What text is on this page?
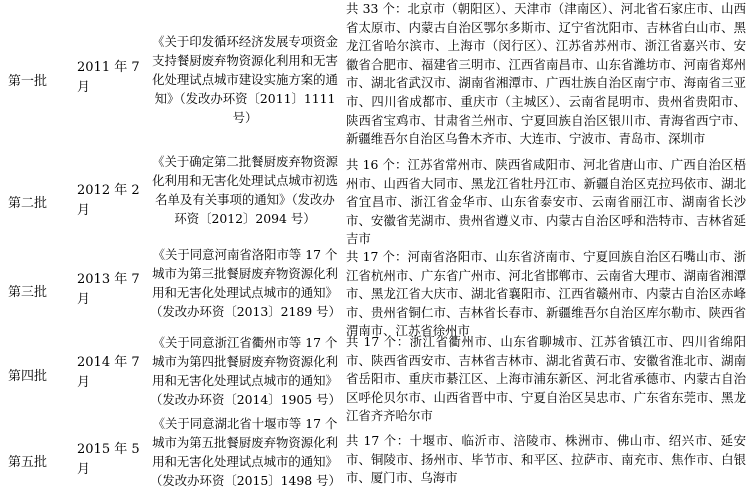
第一批
2011 年 7 月
《关于印发循环经济发展专项资金支持餐厨废弃物资源化利用和无害化处理试点城市建设实施方案的通知》（发改办环资〔2011〕1111 号）
共 33 个：北京市（朝阳区）、天津市（津南区）、河北省石家庄市、山西省太原市、内蒙古自治区鄂尔多斯市、辽宁省沈阳市、吉林省白山市、黑龙江省哈尔滨市、上海市（闵行区）、江苏省苏州市、浙江省嘉兴市、安徽省合肥市、福建省三明市、江西省南昌市、山东省潍坊市、河南省郑州市、湖北省武汉市、湖南省湘潭市、广西壮族自治区南宁市、海南省三亚市、四川省成都市、重庆市（主城区）、云南省昆明市、贵州省贵阳市、陕西省宝鸡市、甘肃省兰州市、宁夏回族自治区银川市、青海省西宁市、新疆维吾尔自治区乌鲁木齐市、大连市、宁波市、青岛市、深圳市
第二批
2012 年 2 月
《关于确定第二批餐厨废弃物资源化利用和无害化处理试点城市初选名单及有关事项的通知》（发改办环资〔2012〕2094 号）
共 16 个：江苏省常州市、陕西省咸阳市、河北省唐山市、广西自治区梧州市、山西省大同市、黑龙江省牡丹江市、新疆自治区克拉玛依市、湖北省宜昌市、浙江省金华市、山东省泰安市、云南省丽江市、湖南省长沙市、安徽省芜湖市、贵州省遵义市、内蒙古自治区呼和浩特市、吉林省延吉市
第三批
2013 年 7 月
《关于同意河南省洛阳市等 17 个城市为第三批餐厨废弃物资源化利用和无害化处理试点城市的通知》（发改办环资〔2013〕2189 号）
共 17 个：河南省洛阳市、山东省济南市、宁夏回族自治区石嘴山市、浙江省杭州市、广东省广州市、河北省邯郸市、云南省大理市、湖南省湘潭市、黑龙江省大庆市、湖北省襄阳市、江西省赣州市、内蒙古自治区赤峰市、贵州省铜仁市、吉林省长春市、新疆维吾尔自治区库尔勒市、陕西省渭南市、江苏省徐州市
第四批
2014 年 7 月
《关于同意浙江省衢州市等 17 个城市为第四批餐厨废弃物资源化利用和无害化处理试点城市的通知》（发改办环资〔2014〕1905 号）
共 17 个：浙江省衢州市、山东省聊城市、江苏省镇江市、四川省绵阳市、陕西省西安市、吉林省吉林市、湖北省黄石市、安徽省淮北市、湖南省岳阳市、重庆市綦江区、上海市浦东新区、河北省承德市、内蒙古自治区呼伦贝尔市、山西省晋中市、宁夏自治区吴忠市、广东省东莞市、黑龙江省齐齐哈尔市
第五批
2015 年 5 月
《关于同意湖北省十堰市等 17 个城市为第五批餐厨废弃物资源化利用和无害化处理试点城市的通知》（发改办环资〔2015〕1498 号）
共 17 个：十堰市、临沂市、涪陵市、株洲市、佛山市、绍兴市、延安市、铜陵市、扬州市、毕节市、和平区、拉萨市、南充市、焦作市、白银市、厦门市、乌海市
